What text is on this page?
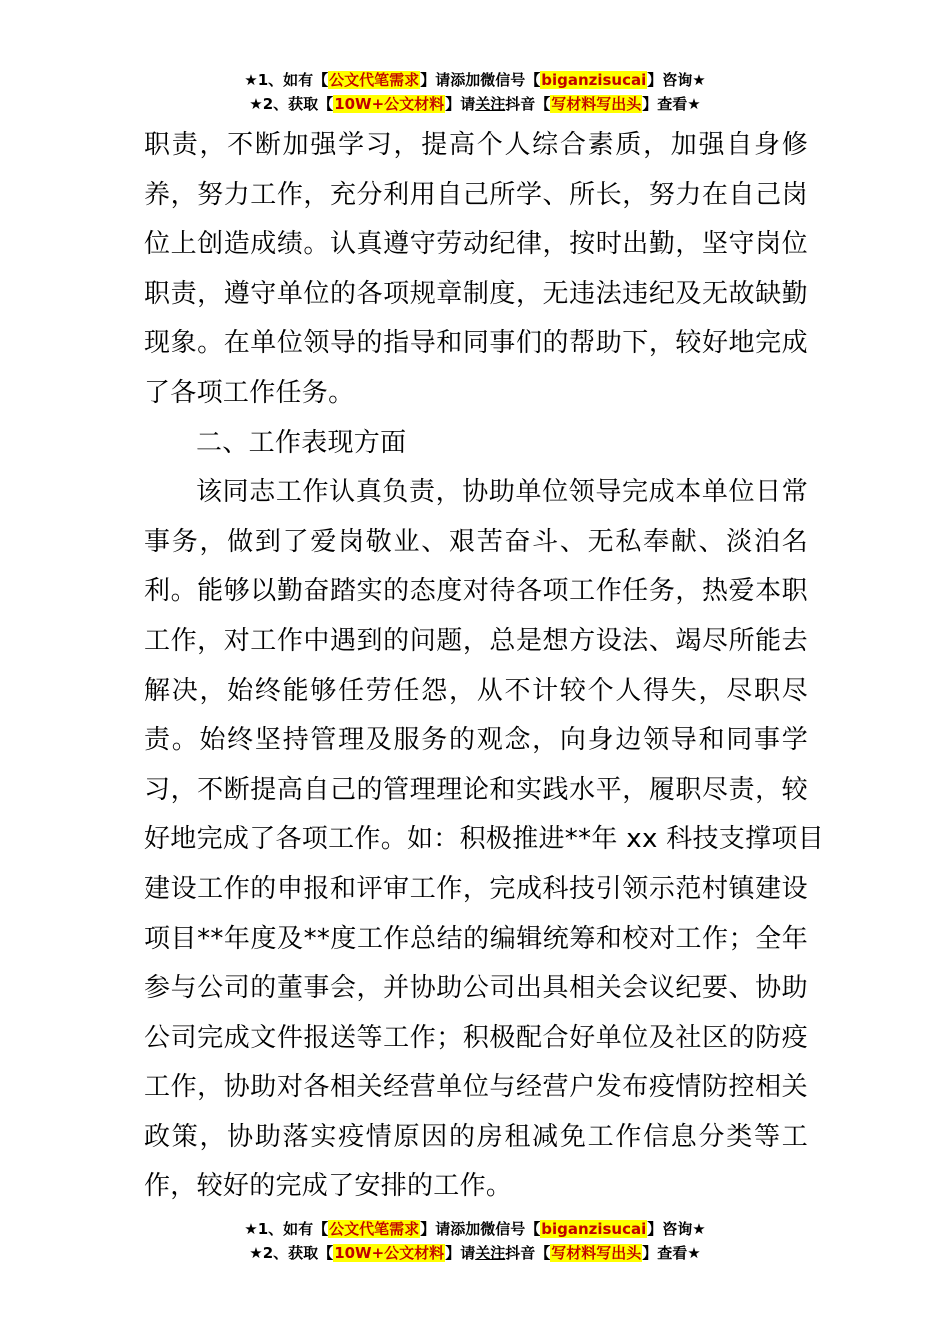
★1、如有【公文代笔需求】请添加微信号【biganzisucai】咨询★
★2、获取【10W+公文材料】请关注抖音【写材料写出头】查看★
职责，不断加强学习，提高个人综合素质，加强自身修
养，努力工作，充分利用自己所学、所长，努力在自己岗
位上创造成绩。认真遵守劳动纪律，按时出勤，坚守岗位
职责，遵守单位的各项规章制度，无违法违纪及无故缺勤
现象。在单位领导的指导和同事们的帮助下，较好地完成
了各项工作任务。
二、工作表现方面
该同志工作认真负责，协助单位领导完成本单位日常
事务，做到了爱岗敬业、艰苦奋斗、无私奉献、淡泊名
利。能够以勤奋踏实的态度对待各项工作任务，热爱本职
工作，对工作中遇到的问题，总是想方设法、竭尽所能去
解决，始终能够任劳任怨，从不计较个人得失，尽职尽
责。始终坚持管理及服务的观念，向身边领导和同事学
习，不断提高自己的管理理论和实践水平，履职尽责，较
好地完成了各项工作。如：积极推进**年 xx 科技支撑项目
建设工作的申报和评审工作，完成科技引领示范村镇建设
项目**年度及**度工作总结的编辑统筹和校对工作；全年
参与公司的董事会，并协助公司出具相关会议纪要、协助
公司完成文件报送等工作；积极配合好单位及社区的防疫
工作，协助对各相关经营单位与经营户发布疫情防控相关
政策，协助落实疫情原因的房租减免工作信息分类等工
作，较好的完成了安排的工作。
★1、如有【公文代笔需求】请添加微信号【biganzisucai】咨询★
★2、获取【10W+公文材料】请关注抖音【写材料写出头】查看★
